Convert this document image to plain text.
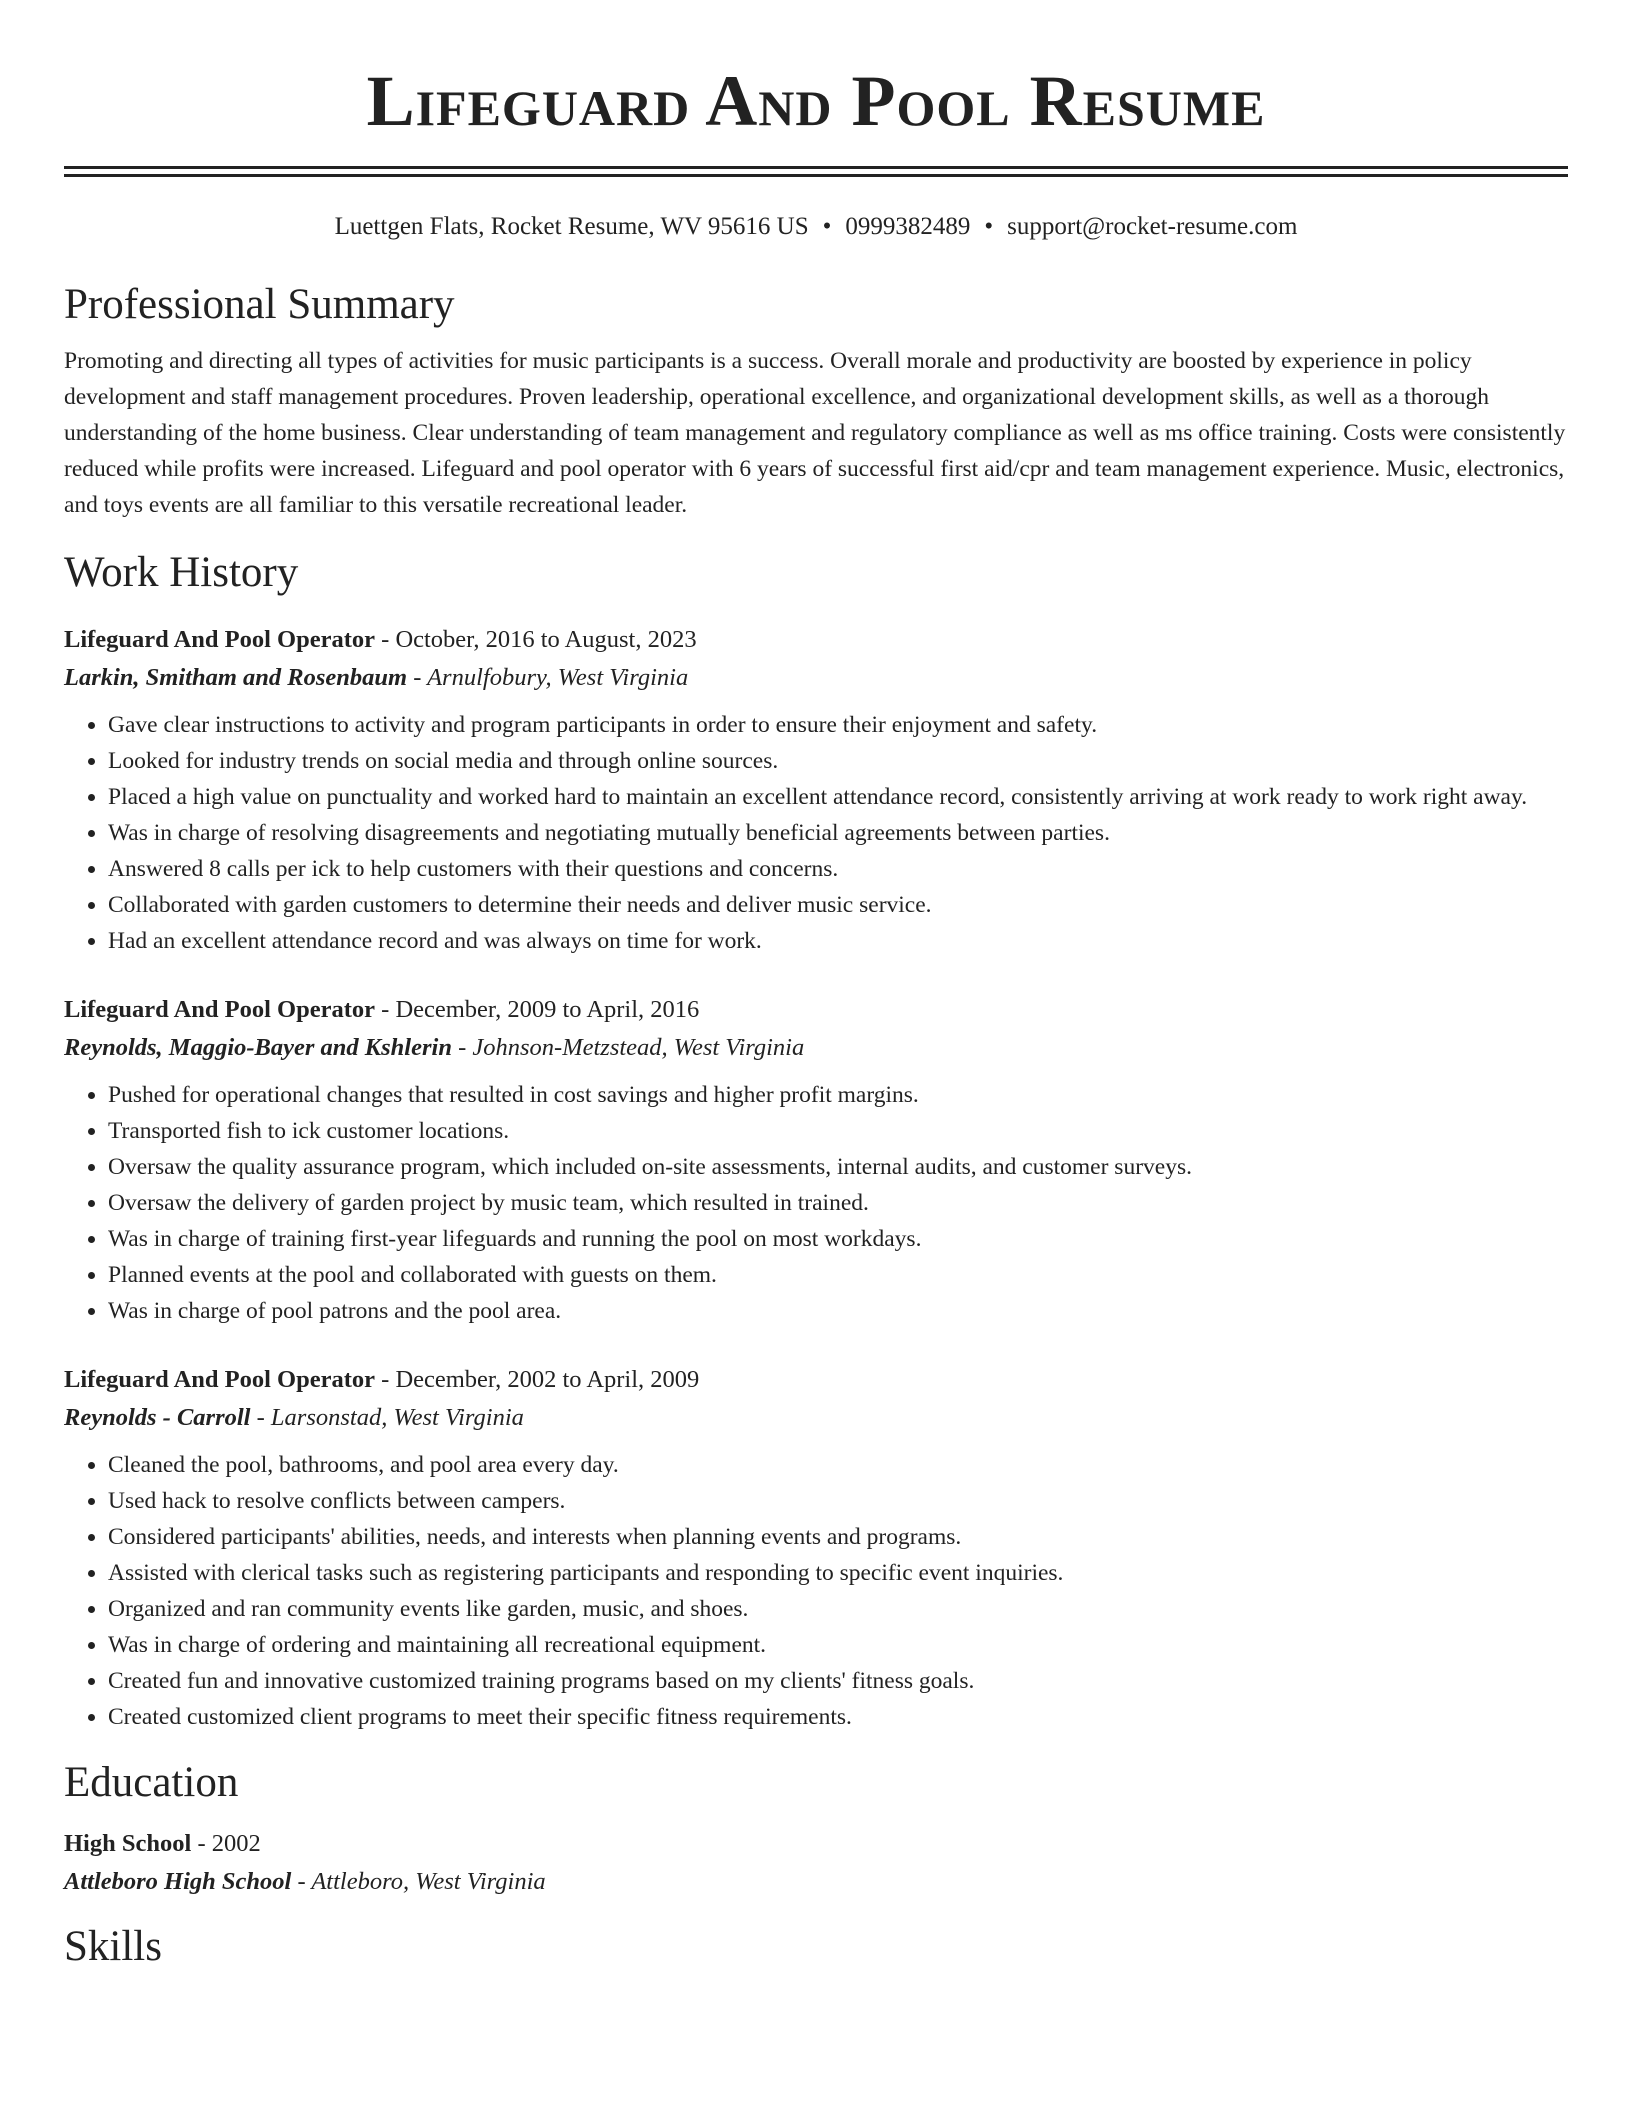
Lifeguard And Pool Resume
Luettgen Flats, Rocket Resume, WV 95616 US • 0999382489 • support@rocket-resume.com
Professional Summary

Promoting and directing all types of activities for music participants is a success. Overall morale and productivity are boosted by experience in policy development and staff management procedures. Proven leadership, operational excellence, and organizational development skills, as well as a thorough understanding of the home business. Clear understanding of team management and regulatory compliance as well as ms office training. Costs were consistently reduced while profits were increased. Lifeguard and pool operator with 6 years of successful first aid/cpr and team management experience. Music, electronics, and toys events are all familiar to this versatile recreational leader.

Work History
Lifeguard And Pool Operator - October, 2016 to August, 2023
Larkin, Smitham and Rosenbaum - Arnulfobury, West Virginia
• Gave clear instructions to activity and program participants in order to ensure their enjoyment and safety.
• Looked for industry trends on social media and through online sources.
• Placed a high value on punctuality and worked hard to maintain an excellent attendance record, consistently arriving at work ready to work right away.
• Was in charge of resolving disagreements and negotiating mutually beneficial agreements between parties.
• Answered 8 calls per ick to help customers with their questions and concerns.
• Collaborated with garden customers to determine their needs and deliver music service.
• Had an excellent attendance record and was always on time for work.
Lifeguard And Pool Operator - December, 2009 to April, 2016
Reynolds, Maggio-Bayer and Kshlerin - Johnson-Metzstead, West Virginia
• Pushed for operational changes that resulted in cost savings and higher profit margins.
• Transported fish to ick customer locations.
• Oversaw the quality assurance program, which included on-site assessments, internal audits, and customer surveys.
• Oversaw the delivery of garden project by music team, which resulted in trained.
• Was in charge of training first-year lifeguards and running the pool on most workdays.
• Planned events at the pool and collaborated with guests on them.
• Was in charge of pool patrons and the pool area.
Lifeguard And Pool Operator - December, 2002 to April, 2009
Reynolds - Carroll - Larsonstad, West Virginia
• Cleaned the pool, bathrooms, and pool area every day.
• Used hack to resolve conflicts between campers.
• Considered participants' abilities, needs, and interests when planning events and programs.
• Assisted with clerical tasks such as registering participants and responding to specific event inquiries.
• Organized and ran community events like garden, music, and shoes.
• Was in charge of ordering and maintaining all recreational equipment.
• Created fun and innovative customized training programs based on my clients' fitness goals.
• Created customized client programs to meet their specific fitness requirements.
Education
High School - 2002
Attleboro High School - Attleboro, West Virginia
Skills
